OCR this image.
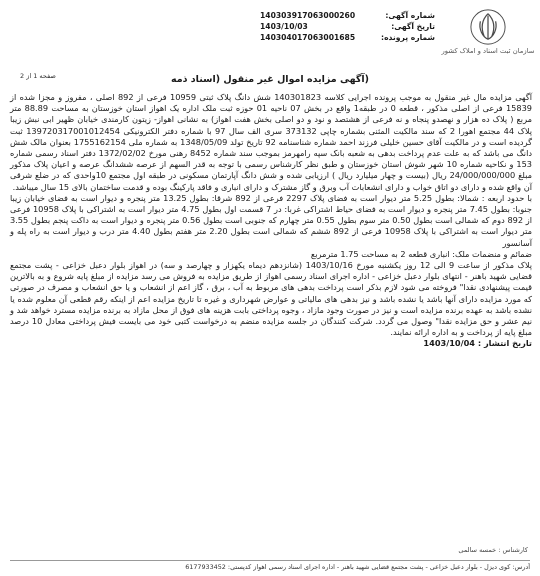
شماره آگهی:
140303917063000260
تاریخ آگهی:
1403/10/03
شماره پرونده:
140304017063001685
سازمان ثبت اسناد و املاک کشور
صفحه 1 از 2	(آگهی مزایده اموال غیر منقول (اسناد ذمه

آگهی مزایده مال غیر منقول به موجب پرونده اجرایی کلاسه 140301823 شش دانگ پلاک ثبتی 10959 فرعی از 892 اصلی ، مفروز و مجزا شده از 15839 فرعی از اصلی مذکور ، قطعه 0 در طبقه1 واقع در بخش 07 ناحیه 01 حوزه ثبت ملک اداره یک اهواز استان خوزستان به مساحت 88.89 متر مربع ( پلاک ده هزار و نهصدو پنجاه و نه فرعی از هشتصد و نود و دو اصلی بخش هفت اهواز) به نشانی اهواز- زیتون کارمندی خیابان ظهیر ابی نبش زیبا پلاک 44 مجتمع اهورا 2 که سند مالکیت المثنی بشماره چاپی 373132 سری الف سال 97 با شماره دفتر الکترونیکی 139720317001012454 ثبت گردیده است و در مالکیت آقای حسین خلیلی فرزند احمد شماره شناسنامه 92 تاریخ تولد 1348/05/09 به شماره ملی 1755162154 بعنوان مالک شش دانگ می باشد که به علت عدم پرداخت بدهی به شعبه بانک سپه رامهرمز بموجب سند شماره 8452 رهنی مورخ 1372/02/02 دفتر اسناد رسمی شماره 153 و نکاحیه شماره 10 شهر شوش استان خوزستان و طبق نظر کارشناس رسمی با توجه به قدر السهم از عرصه ششدانگ عرصه و اعیان پلاک مذکور مبلغ 24/000/000/000 ریال (بیست و چهار میلیارد ریال ) ارزیابی شده و شش دانگ آپارتمان مسکونی در طبقه اول مجتمع 10واحدی که در ضلع شرقی آن واقع شده و دارای دو اتاق خواب و دارای انشعابات آب وبرق و گاز مشترک و دارای انباری و فاقد پارکینگ بوده و قدمت ساختمان بالای 15 سال میباشد.

با حدود اربعه : شمالا: بطول 5.25 متر دیوار است به فضای پلاک 2297 فرعی از 892 شرقا: بطول 13.25 متر پنجره و دیوار است به فضای خیابان زیبا جنوبا: بطول 7.45 متر پنجره و دیوار است به فضای حیاط اشتراکی غربا: در 7 قسمت اول بطول 4.75 متر دیوار است به اشتراکی با پلاک 10958 فرعی از 892 دوم که شمالی است بطول 0.50 متر سوم بطول 0.55 متر چهارم که جنوبی است بطول 0.56 متر پنجره و دیوار است به داکت پنجم بطول 3.55 متر دیوار است به اشتراکی با پلاک 10958 فرعی از 892 ششم که شمالی است بطول 2.20 متر هفتم بطول 4.40 متر درب و دیوار است به راه پله و آسانسور

ضمائم و منضمات ملک: انباری قطعه 2 به مساحت 1.75 مترمربع

پلاک مذکور از ساعت 9 الی 12 روز یکشنبه مورخ 1403/10/16 (شانزدهم دیماه یکهزار و چهارصد و سه) در اهواز بلوار دعبل خزاعی - پشت مجتمع قضایی شهید باهنر - انتهای بلوار دعبل خزاعی - اداره اجرای اسناد رسمی اهواز از طریق مزایده به فروش می رسد مزایده از مبلغ پایه شروع و به بالاترین قیمت پیشنهادی نقدا" فروخته می شود لازم بذکر است پرداخت بدهی های مربوط به آب ، برق ، گاز اعم از انشعاب و یا حق انشعاب و مصرف در صورتی که مورد مزایده دارای آنها باشد یا نشده باشد و نیز بدهی های مالیاتی و عوارض شهرداری و غیره تا تاریخ مزایده اعم از اینکه رقم قطعی آن معلوم شده یا نشده باشد به عهده برنده مزایده است و نیز در صورت وجود مازاد ، وجوه پرداختی بابت هزینه های فوق از محل مازاد به برنده مزایده مسترد خواهد شد و نیم عشر و حق مزایده نقدا" وصول می گردد. شرکت کنندگان در جلسه مزایده منضم به درخواست کتبی خود می بایست فیش پرداختی معادل 10 درصد مبلغ پایه از پرداخت و به اداره ارائه نمایند.

تاریخ انتشار : 1403/10/04

کارشناس : خمسه سالمی
آدرس: کوی دیزل - بلوار دعبل خزاعی - پشت مجتمع قضایی شهید باهنر - اداره اجرای اسناد رسمی اهواز کدپستی: 6177933452
